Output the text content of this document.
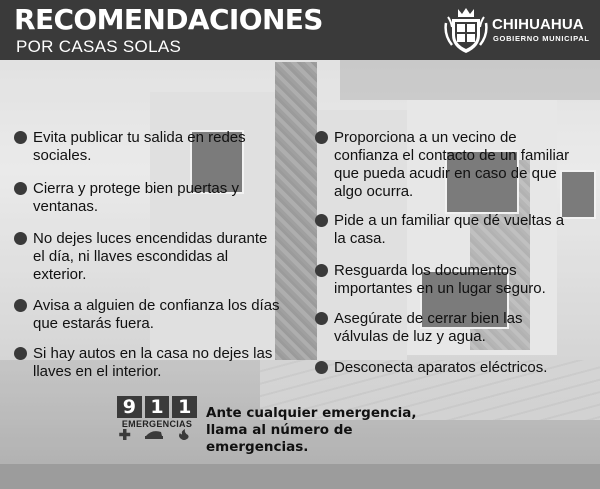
RECOMENDACIONES
POR CASAS SOLAS
CHIHUAHUA
GOBIERNO MUNICIPAL
Evita publicar tu salida en redes sociales.
Cierra y protege bien puertas y ventanas.
No dejes luces encendidas durante el día, ni llaves escondidas al exterior.
Avisa a alguien de confianza los días que estarás fuera.
Si hay autos en la casa no dejes las llaves en el interior.
Proporciona a un vecino de confianza el contacto de un familiar que pueda acudir en caso de que algo ocurra.
Pide a un familiar que dé vueltas a la casa.
Resguarda los documentos importantes en un lugar seguro.
Asegúrate de cerrar bien las válvulas de luz y agua.
Desconecta aparatos eléctricos.
9 1 1
EMERGENCIAS
Ante cualquier emergencia, llama al número de emergencias.
